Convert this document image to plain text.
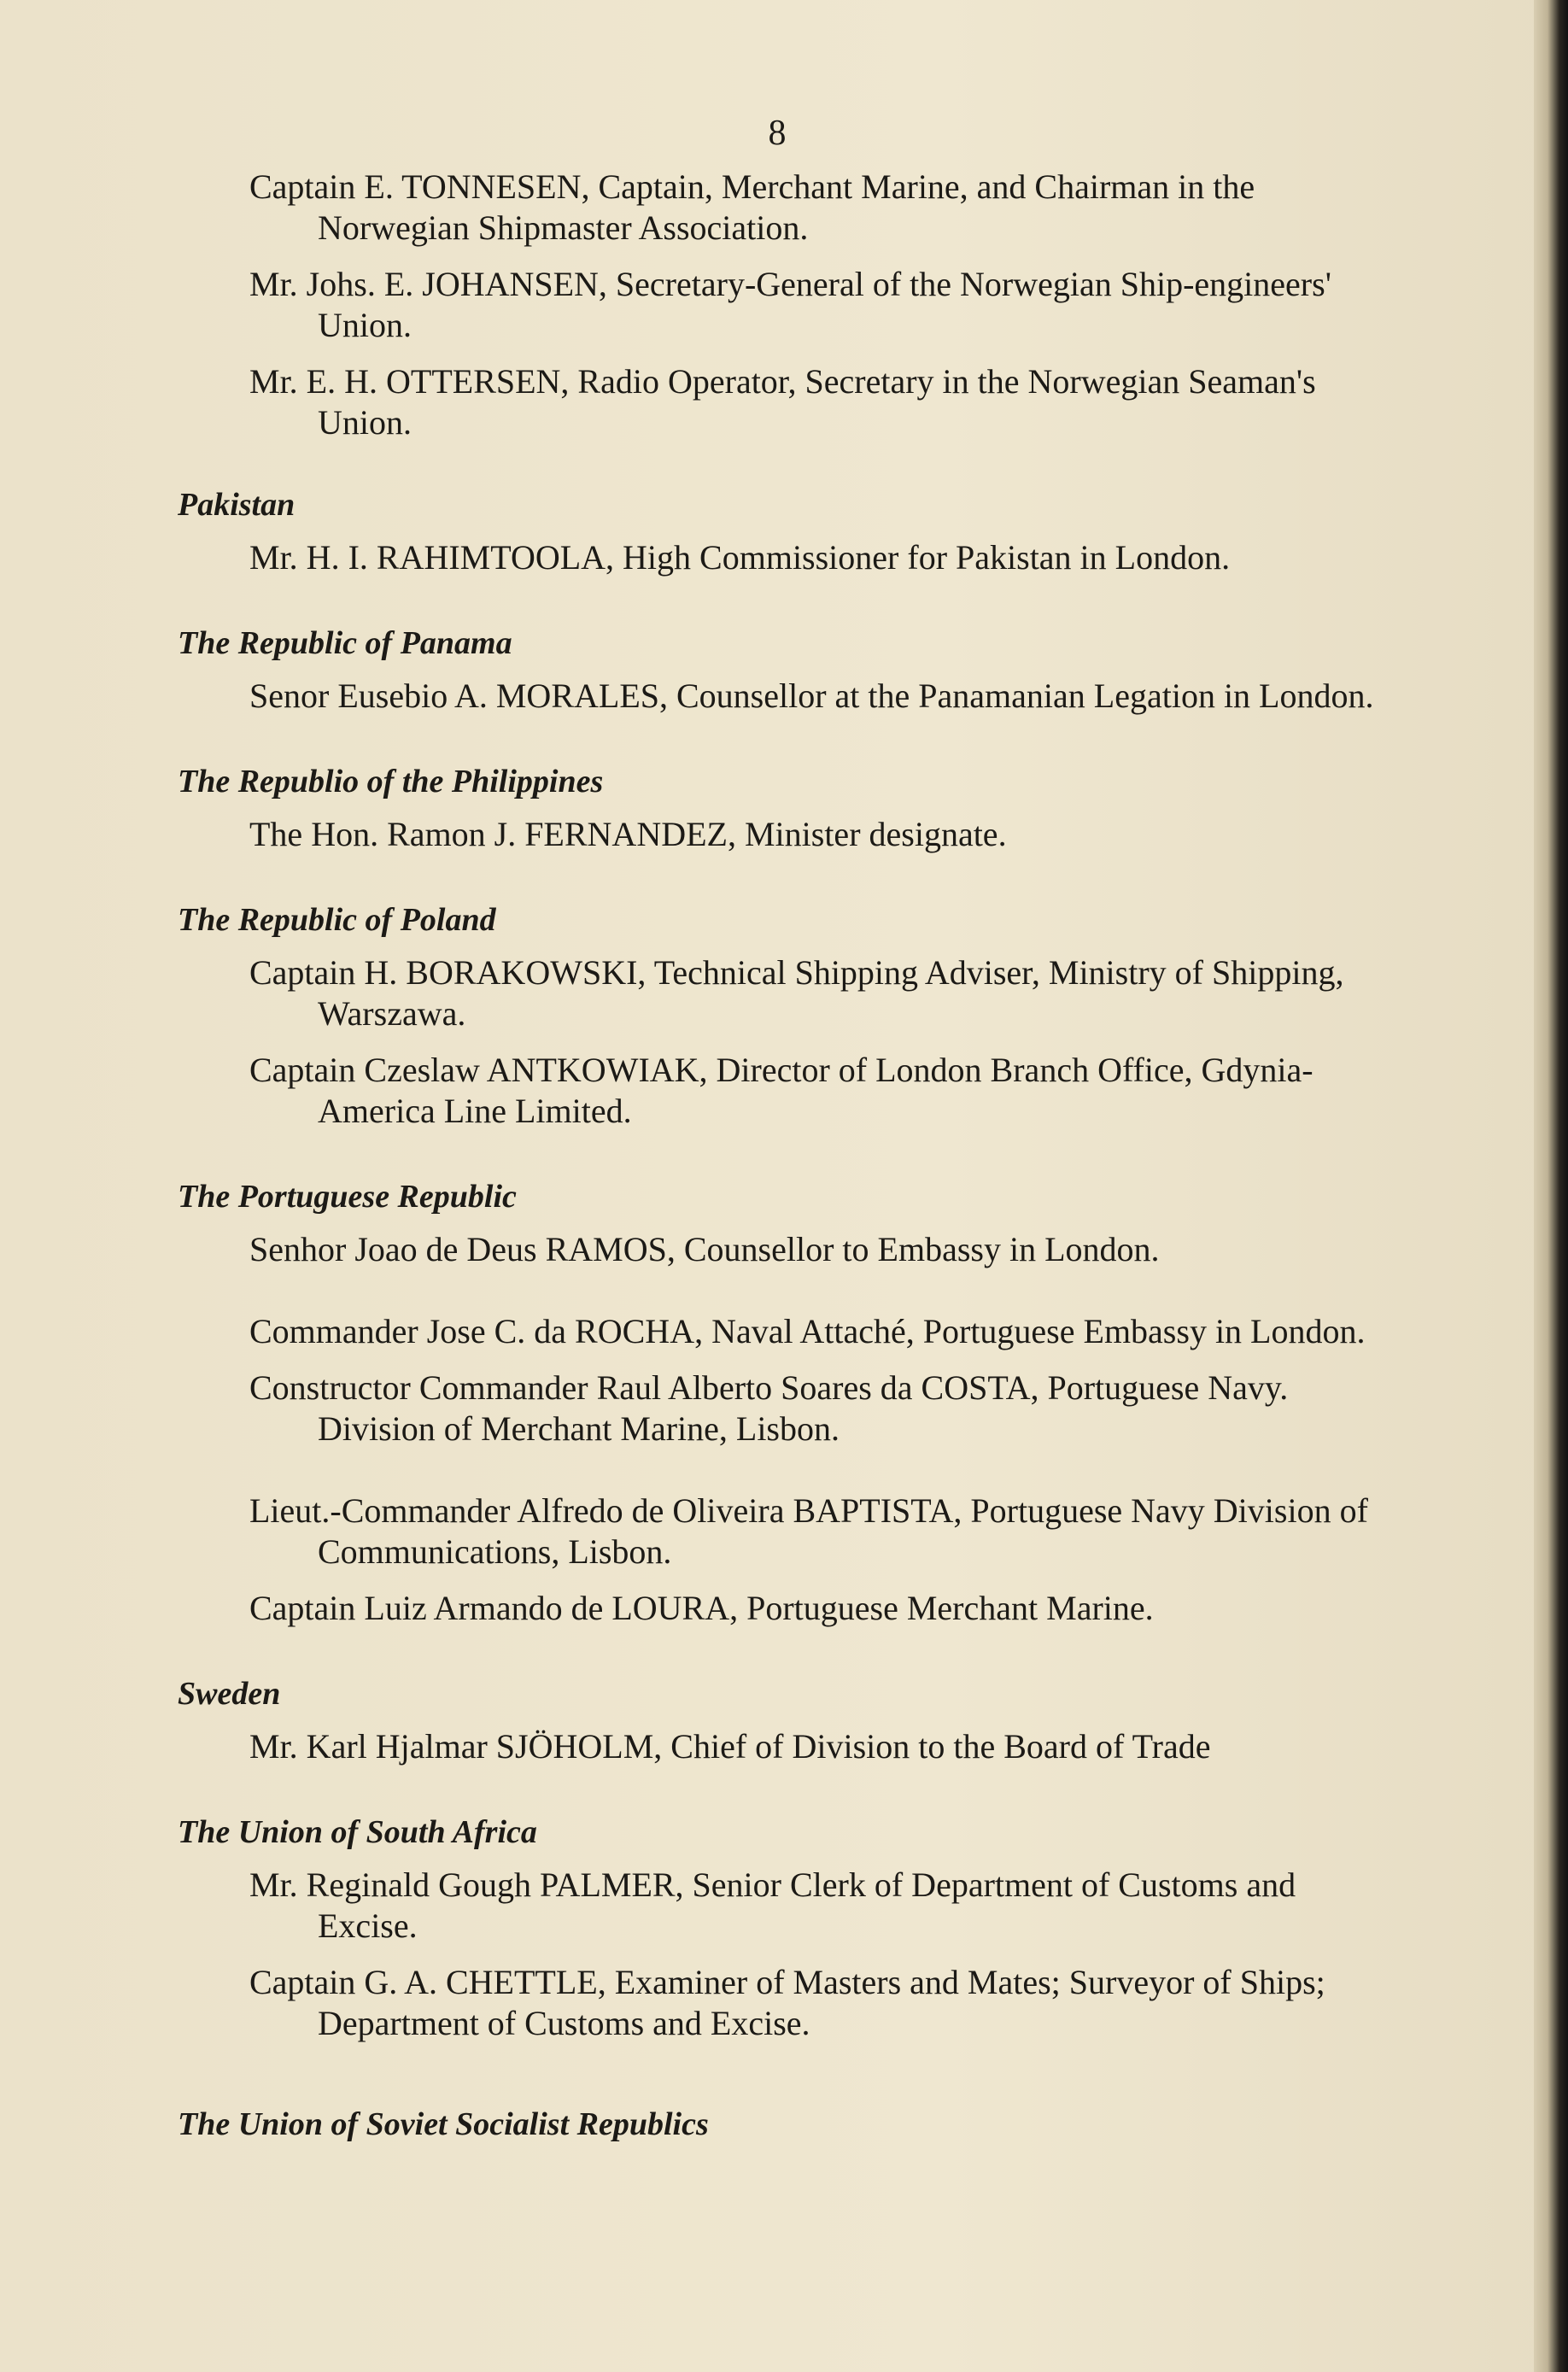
8
Captain E. TONNESEN, Captain, Merchant Marine, and Chairman in the Norwegian Shipmaster Association.
Mr. Johs. E. JOHANSEN, Secretary-General of the Norwegian Ship-engineers' Union.
Mr. E. H. OTTERSEN, Radio Operator, Secretary in the Norwegian Seaman's Union.
Pakistan
Mr. H. I. RAHIMTOOLA, High Commissioner for Pakistan in London.
The Republic of Panama
Senor Eusebio A. MORALES, Counsellor at the Panamanian Legation in London.
The Republio of the Philippines
The Hon. Ramon J. FERNANDEZ, Minister designate.
The Republic of Poland
Captain H. BORAKOWSKI, Technical Shipping Adviser, Ministry of Shipping, Warszawa.
Captain Czeslaw ANTKOWIAK, Director of London Branch Office, Gdynia-America Line Limited.
The Portuguese Republic
Senhor Joao de Deus RAMOS, Counsellor to Embassy in London.
Commander Jose C. da ROCHA, Naval Attaché, Portuguese Embassy in London.
Constructor Commander Raul Alberto Soares da COSTA, Portuguese Navy. Division of Merchant Marine, Lisbon.
Lieut.-Commander Alfredo de Oliveira BAPTISTA, Portuguese Navy Division of Communications, Lisbon.
Captain Luiz Armando de LOURA, Portuguese Merchant Marine.
Sweden
Mr. Karl Hjalmar SJÖHOLM, Chief of Division to the Board of Trade
The Union of South Africa
Mr. Reginald Gough PALMER, Senior Clerk of Department of Customs and Excise.
Captain G. A. CHETTLE, Examiner of Masters and Mates; Surveyor of Ships; Department of Customs and Excise.
The Union of Soviet Socialist Republics
